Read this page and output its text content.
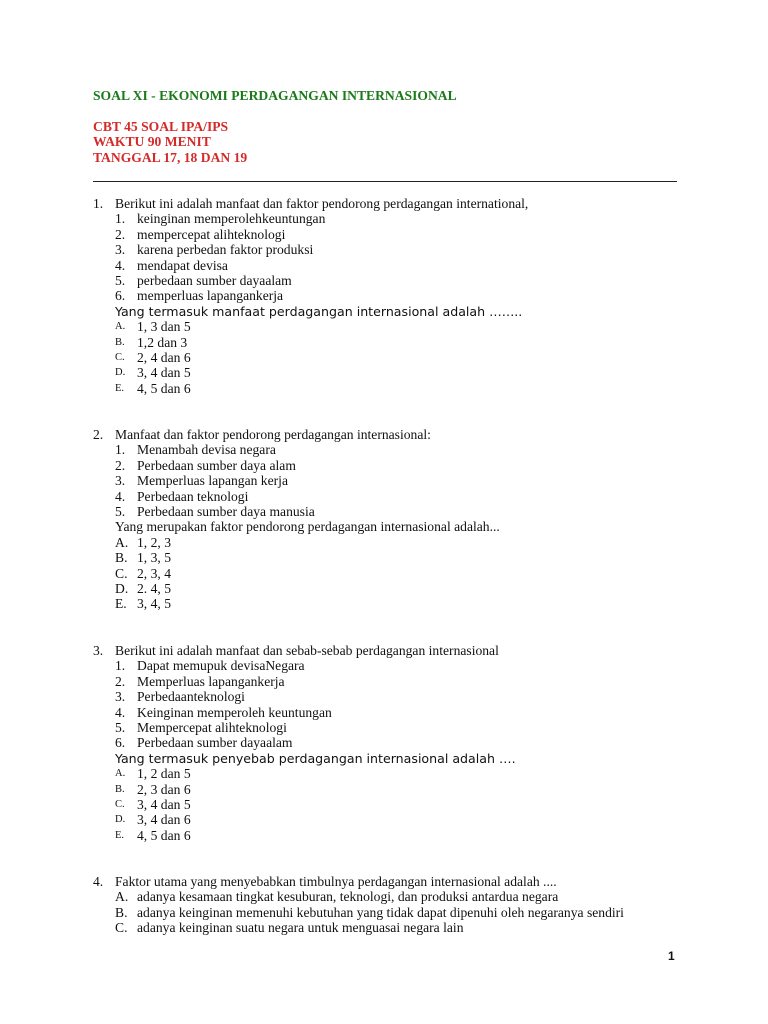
SOAL XI - EKONOMI PERDAGANGAN INTERNASIONAL
CBT 45 SOAL IPA/IPS
WAKTU 90 MENIT
TANGGAL 17, 18 DAN 19
1. Berikut ini adalah manfaat dan faktor pendorong perdagangan international,
1. keinginan memperolehkeuntungan
2. mempercepat alihteknologi
3. karena perbedan faktor produksi
4. mendapat devisa
5. perbedaan sumber dayaalam
6. memperluas lapangankerja
Yang termasuk manfaat perdagangan internasional adalah ……..
A. 1, 3 dan 5
B. 1,2 dan 3
C. 2, 4 dan 6
D. 3, 4 dan 5
E. 4, 5 dan 6
2. Manfaat dan faktor pendorong perdagangan internasional:
1. Menambah devisa negara
2. Perbedaan sumber daya alam
3. Memperluas lapangan kerja
4. Perbedaan teknologi
5. Perbedaan sumber daya manusia
Yang merupakan faktor pendorong perdagangan internasional adalah...
A. 1, 2, 3
B. 1, 3, 5
C. 2, 3, 4
D. 2. 4, 5
E. 3, 4, 5
3. Berikut ini adalah manfaat dan sebab-sebab perdagangan internasional
1. Dapat memupuk devisaNegara
2. Memperluas lapangankerja
3. Perbedaanteknologi
4. Keinginan memperoleh keuntungan
5. Mempercepat alihteknologi
6. Perbedaan sumber dayaalam
Yang termasuk penyebab perdagangan internasional adalah ….
A. 1, 2 dan 5
B. 2, 3 dan 6
C. 3, 4 dan 5
D. 3, 4 dan 6
E. 4, 5 dan 6
4. Faktor utama yang menyebabkan timbulnya perdagangan internasional adalah ....
A. adanya kesamaan tingkat kesuburan, teknologi, dan produksi antardua negara
B. adanya keinginan memenuhi kebutuhan yang tidak dapat dipenuhi oleh negaranya sendiri
C. adanya keinginan suatu negara untuk menguasai negara lain
1
